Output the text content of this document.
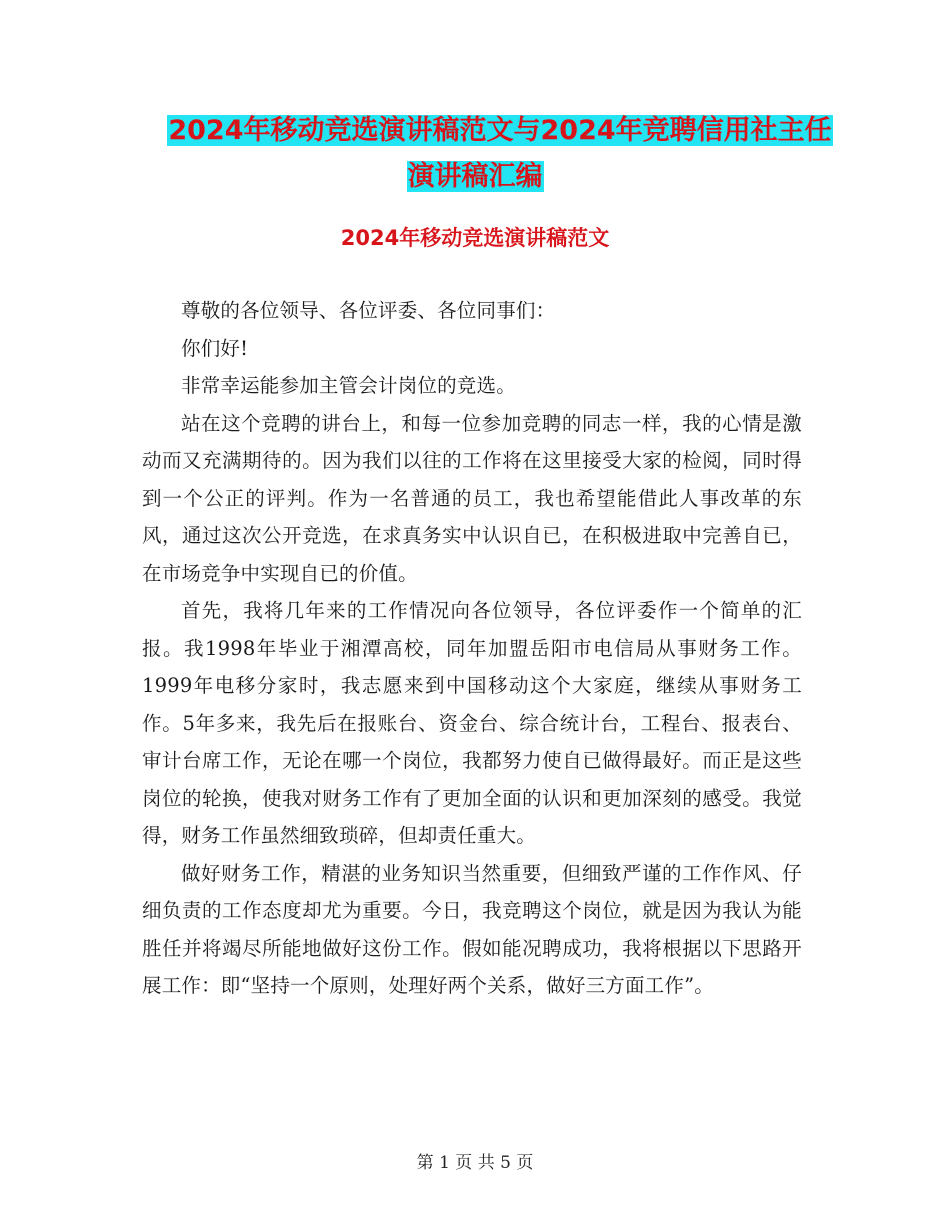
2024年移动竞选演讲稿范文与2024年竞聘信用社主任
演讲稿汇编
2024年移动竞选演讲稿范文

尊敬的各位领导、各位评委、各位同事们：

你们好!

非常幸运能参加主管会计岗位的竞选。

站在这个竞聘的讲台上，和每一位参加竞聘的同志一样，我的心情是激动而又充满期待的。因为我们以往的工作将在这里接受大家的检阅，同时得到一个公正的评判。作为一名普通的员工，我也希望能借此人事改革的东风，通过这次公开竞选，在求真务实中认识自已，在积极进取中完善自已，在市场竞争中实现自已的价值。

首先，我将几年来的工作情况向各位领导，各位评委作一个简单的汇报。我1998年毕业于湘潭高校，同年加盟岳阳市电信局从事财务工作。1999年电移分家时，我志愿来到中国移动这个大家庭，继续从事财务工作。5年多来，我先后在报账台、资金台、综合统计台，工程台、报表台、审计台席工作，无论在哪一个岗位，我都努力使自已做得最好。而正是这些岗位的轮换，使我对财务工作有了更加全面的认识和更加深刻的感受。我觉得，财务工作虽然细致琐碎，但却责任重大。

做好财务工作，精湛的业务知识当然重要，但细致严谨的工作作风、仔细负责的工作态度却尤为重要。今日，我竞聘这个岗位，就是因为我认为能胜任并将竭尽所能地做好这份工作。假如能况聘成功，我将根据以下思路开展工作：即“坚持一个原则，处理好两个关系，做好三方面工作”。

第 1 页 共 5 页
